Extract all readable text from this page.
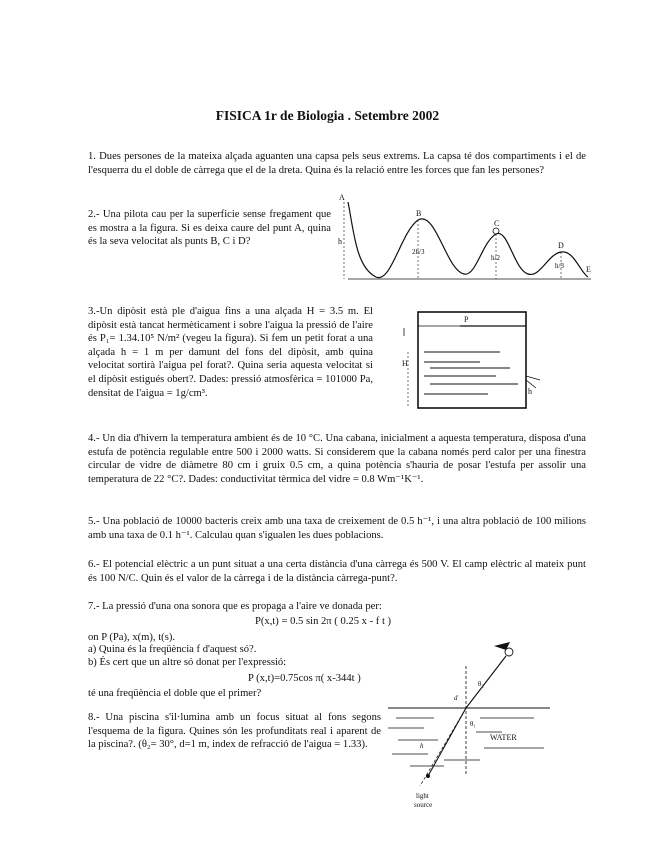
FISICA 1r de Biologia . Setembre 2002

1. Dues persones de la mateixa alçada aguanten una capsa pels seus extrems. La capsa té dos compartiments i el de l'esquerra du el doble de càrrega que el de la dreta. Quina és la relació entre les forces que fan les persones?

2.- Una pilota cau per la superficie sense fregament que es mostra a la figura. Si es deixa caure del punt A, quina és la seva velocitat als punts B, C i D?

A
B
C
D
E
h
2h/3
h/2
h/3

3.-Un dipòsit està ple d'aigua fins a una alçada H = 3.5 m. El dipòsit està tancat hermèticament i sobre l'aigua la pressió de l'aire és P₁= 1.34.10⁵ N/m² (vegeu la figura). Si fem un petit forat a una alçada h = 1 m per damunt del fons del dipòsit, amb quina velocitat sortirà l'aigua pel forat?. Quina seria aquesta velocitat si el dipòsit estigués obert?. Dades: pressió atmosfèrica = 101000 Pa, densitat de l'aigua = 1g/cm³.

P
H
h

4.- Un dia d'hivern la temperatura ambient és de 10 °C. Una cabana, inicialment a aquesta temperatura, disposa d'una estufa de potència regulable entre 500 i 2000 watts. Si considerem que la cabana només perd calor per una finestra circular de vidre de diàmetre 80 cm i gruix 0.5 cm, a quina potència s'hauria de posar l'estufa per assolir una temperatura de 22 °C?. Dades: conductivitat tèrmica del vidre = 0.8 Wm⁻¹K⁻¹.

5.- Una població de 10000 bacteris creix amb una taxa de creixement de 0.5 h⁻¹, i una altra població de 100 milions amb una taxa de 0.1 h⁻¹. Calculau quan s'igualen les dues poblacions.

6.- El potencial elèctric a un punt situat a una certa distància d'una càrrega és 500 V. El camp elèctric al mateix punt és 100 N/C. Quin és el valor de la càrrega i de la distància càrrega-punt?.

7.- La pressió d'una ona sonora que es propaga a l'aire ve donada per:
P(x,t) = 0.5 sin 2π ( 0.25 x - f t )
on P (Pa), x(m), t(s).
a) Quina és la freqüència f d'aquest só?.
b) És cert que un altre só donat per l'expressió:
P (x,t)=0.75cos π( x-344t )
té una freqüència el doble que el primer?

8.- Una piscina s'il·lumina amb un focus situat al fons segons l'esquema de la figura. Quines són les profunditats real i aparent de la piscina?. (θ₂= 30°, d=1 m, index de refracció de l'aigua = 1.33).

d
h
θ₁
θ₂
WATER
light
source
